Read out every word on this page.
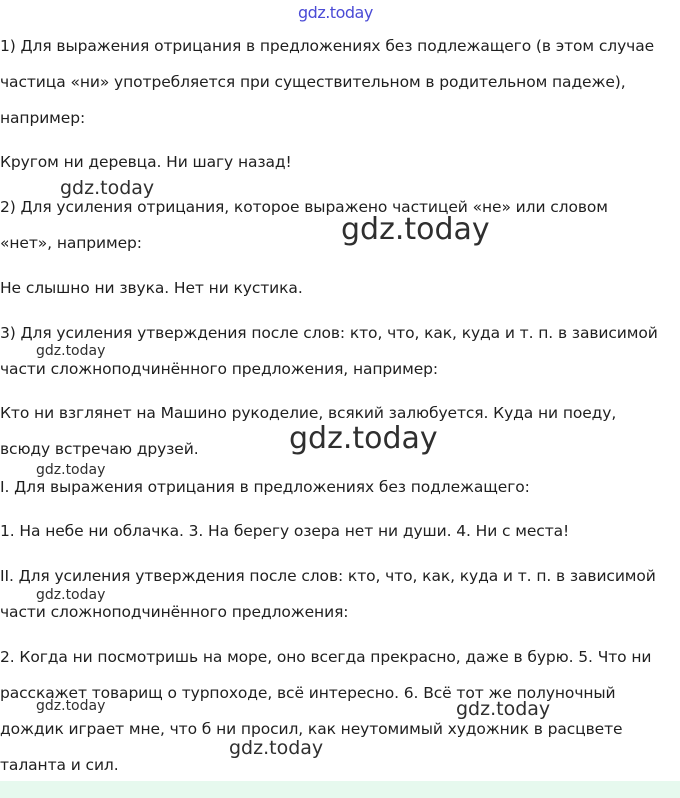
1) Для выражения отрицания в предложениях без подлежащего (в этом случае
частица «ни» употребляется при существительном в родительном падеже),
например:
Кругом ни деревца. Ни шагу назад!
2) Для усиления отрицания, которое выражено частицей «не» или словом
«нет», например:
Не слышно ни звука. Нет ни кустика.
3) Для усиления утверждения после слов: кто, что, как, куда и т. п. в зависимой
части сложноподчинённого предложения, например:
Кто ни взглянет на Машино рукоделие, всякий залюбуется. Куда ни поеду,
всюду встречаю друзей.
I. Для выражения отрицания в предложениях без подлежащего:
1. На небе ни облачка. 3. На берегу озера нет ни души. 4. Ни с места!
II. Для усиления утверждения после слов: кто, что, как, куда и т. п. в зависимой
части сложноподчинённого предложения:
2. Когда ни посмотришь на море, оно всегда прекрасно, даже в бурю. 5. Что ни
расскажет товарищ о турпоходе, всё интересно. 6. Всё тот же полуночный
дождик играет мне, что б ни просил, как неутомимый художник в расцвете
таланта и сил.
gdz.today
gdz.today
gdz.today
gdz.today
gdz.today
gdz.today
gdz.today
gdz.today	gdz.today
gdz.today
